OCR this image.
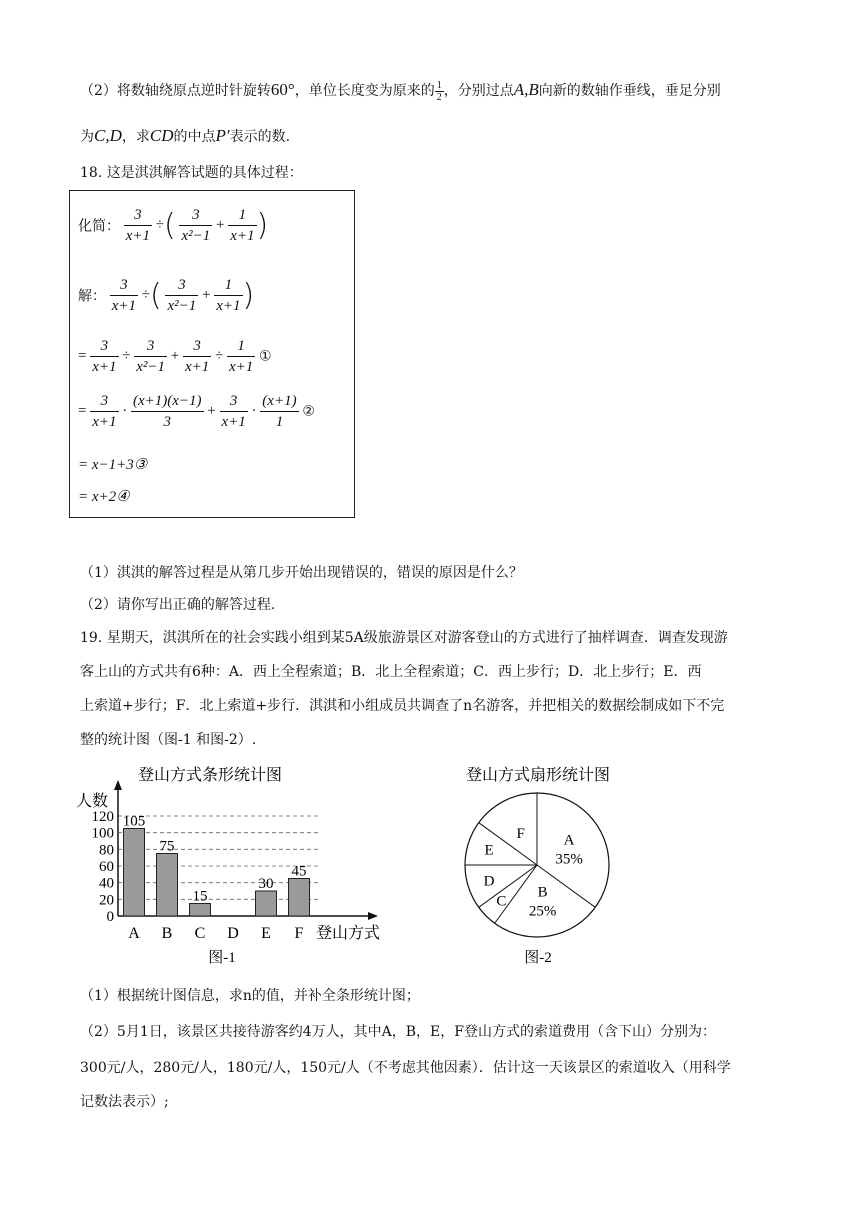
（2）将数轴绕原点逆时针旋转60°，单位长度变为原来的 $\frac{1}{2}$ ，分别过点A,B向新的数轴作垂线，垂足分别
为C,D，求CD的中点P′表示的数.
18. 这是淇淇解答试题的具体过程：
化简： $\frac{3}{x+1}$ ÷( $\frac{3}{\text{x²−1}} + \frac{1}{x+1}$ )
解： $\frac{3}{x+1}$ ÷( $\frac{3}{\text{x²−1}} + \frac{1}{x+1}$ )
= $\frac{3}{x+1} \div \frac{3}{\text{x²−1}} + \frac{3}{x+1} \div \frac{1}{x+1}$ ①
= $\frac{3}{x+1} \cdot \frac{(x+1)(x-1)}{3} + \frac{3}{x+1} \cdot \frac{(x+1)}{1}$ ②
= x−1+3③
= x+2④
（1）淇淇的解答过程是从第几步开始出现错误的，错误的原因是什么？
（2）请你写出正确的解答过程.
19. 星期天，淇淇所在的社会实践小组到某5A级旅游景区对游客登山的方式进行了抽样调查．调查发现游
客上山的方式共有6种：A．西上全程索道；B．北上全程索道；C．西上步行；D．北上步行；E．西
上索道+步行；F．北上索道+步行．淇淇和小组成员共调查了n名游客，并把相关的数据绘制成如下不完
整的统计图（图-1 和图-2）.
登山方式条形统计图
人数
0
20
40
60
80
100
120
登山方式
A
105
B
75
C
15
D E
30
F
45
图-1
登山方式扇形统计图
A
35%
B
25%
C
D
E
F
图-2
（1）根据统计图信息，求n的值，并补全条形统计图；
（2）5月1日，该景区共接待游客约4万人，其中A，B，E，F登山方式的索道费用（含下山）分别为：
300元/人，280元/人，180元/人，150元/人（不考虑其他因素）．估计这一天该景区的索道收入（用科学
记数法表示）;
